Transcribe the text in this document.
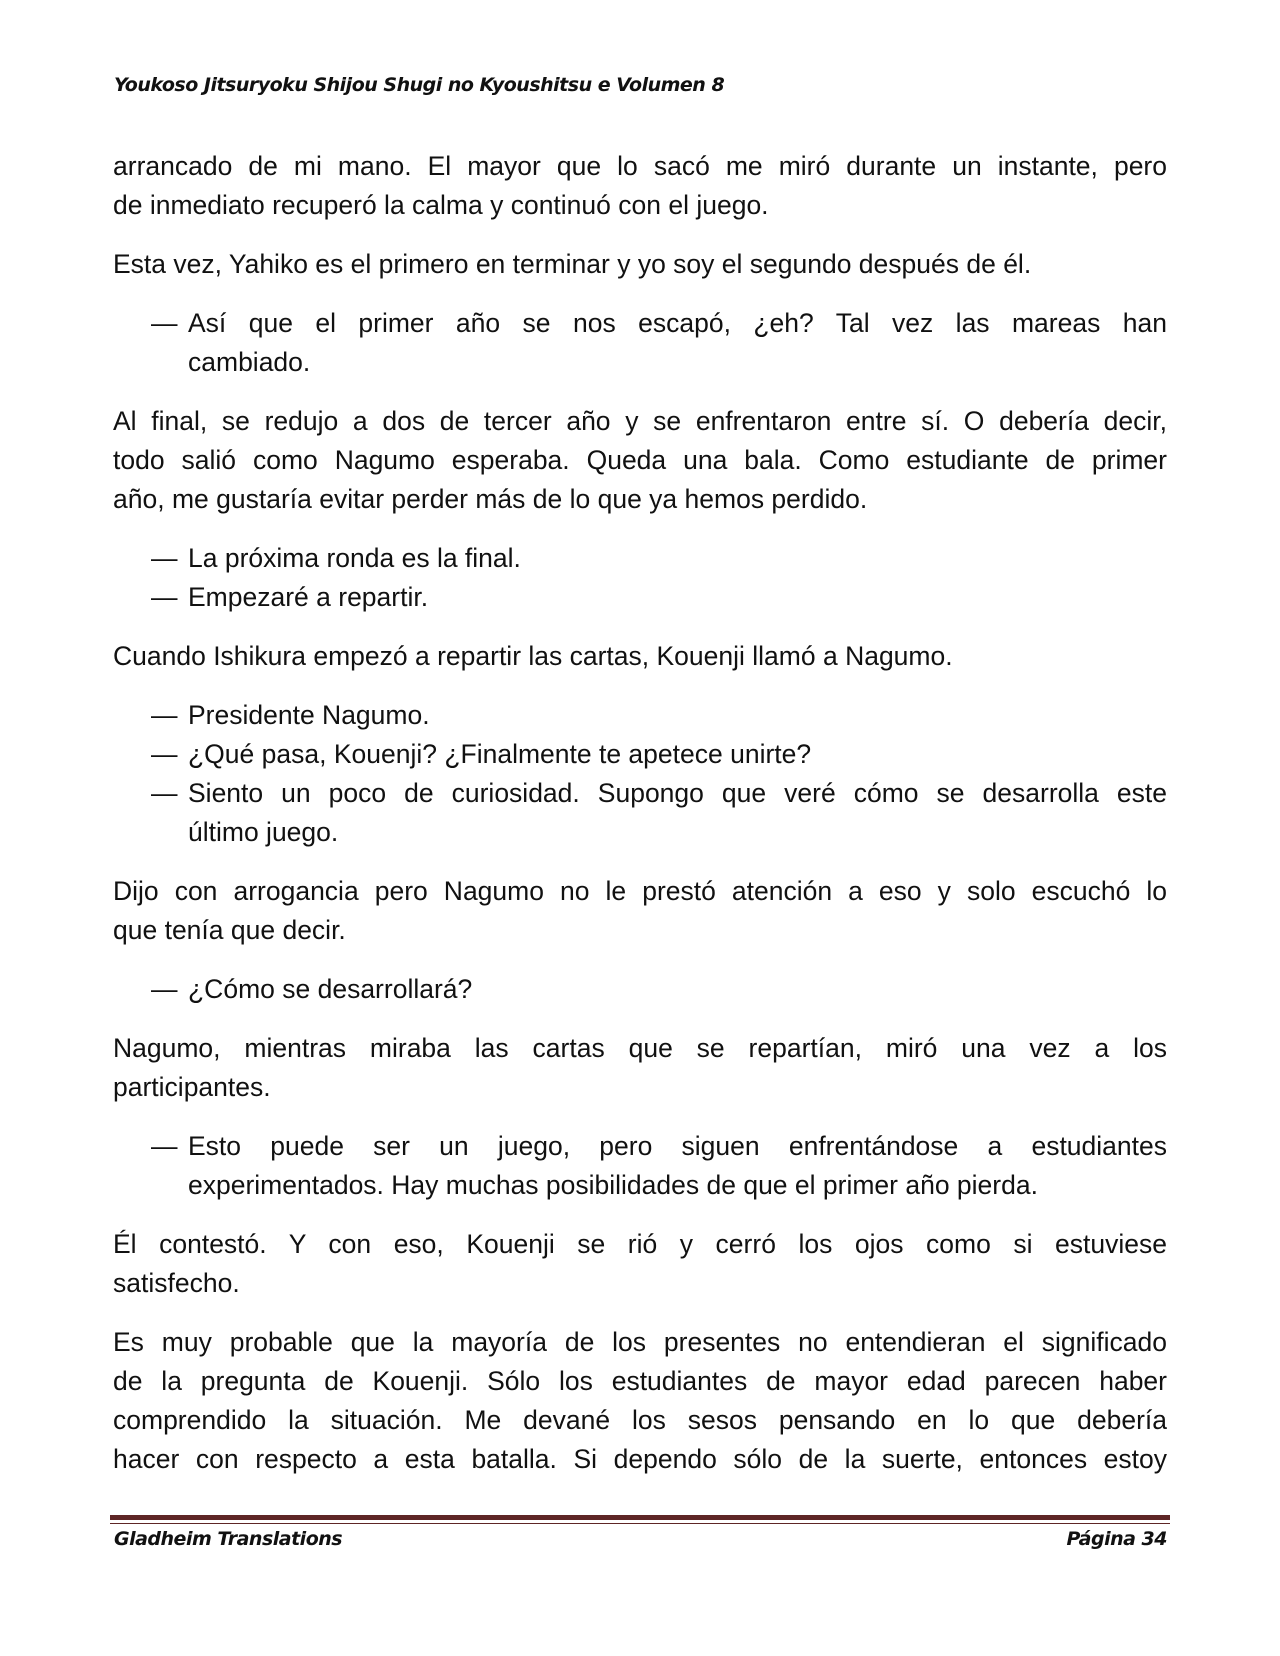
Youkoso Jitsuryoku Shijou Shugi no Kyoushitsu e Volumen 8
arrancado de mi mano. El mayor que lo sacó me miró durante un instante, pero
de inmediato recuperó la calma y continuó con el juego.
Esta vez, Yahiko es el primero en terminar y yo soy el segundo después de él.
— Así que el primer año se nos escapó, ¿eh? Tal vez las mareas han
cambiado.
Al final, se redujo a dos de tercer año y se enfrentaron entre sí. O debería decir,
todo salió como Nagumo esperaba. Queda una bala. Como estudiante de primer
año, me gustaría evitar perder más de lo que ya hemos perdido.
— La próxima ronda es la final.
— Empezaré a repartir.
Cuando Ishikura empezó a repartir las cartas, Kouenji llamó a Nagumo.
— Presidente Nagumo.
— ¿Qué pasa, Kouenji? ¿Finalmente te apetece unirte?
— Siento un poco de curiosidad. Supongo que veré cómo se desarrolla este
último juego.
Dijo con arrogancia pero Nagumo no le prestó atención a eso y solo escuchó lo
que tenía que decir.
— ¿Cómo se desarrollará?
Nagumo, mientras miraba las cartas que se repartían, miró una vez a los
participantes.
— Esto puede ser un juego, pero siguen enfrentándose a estudiantes
experimentados. Hay muchas posibilidades de que el primer año pierda.
Él contestó. Y con eso, Kouenji se rió y cerró los ojos como si estuviese
satisfecho.
Es muy probable que la mayoría de los presentes no entendieran el significado
de la pregunta de Kouenji. Sólo los estudiantes de mayor edad parecen haber
comprendido la situación. Me devané los sesos pensando en lo que debería
hacer con respecto a esta batalla. Si dependo sólo de la suerte, entonces estoy
Gladheim Translations	Página 34
